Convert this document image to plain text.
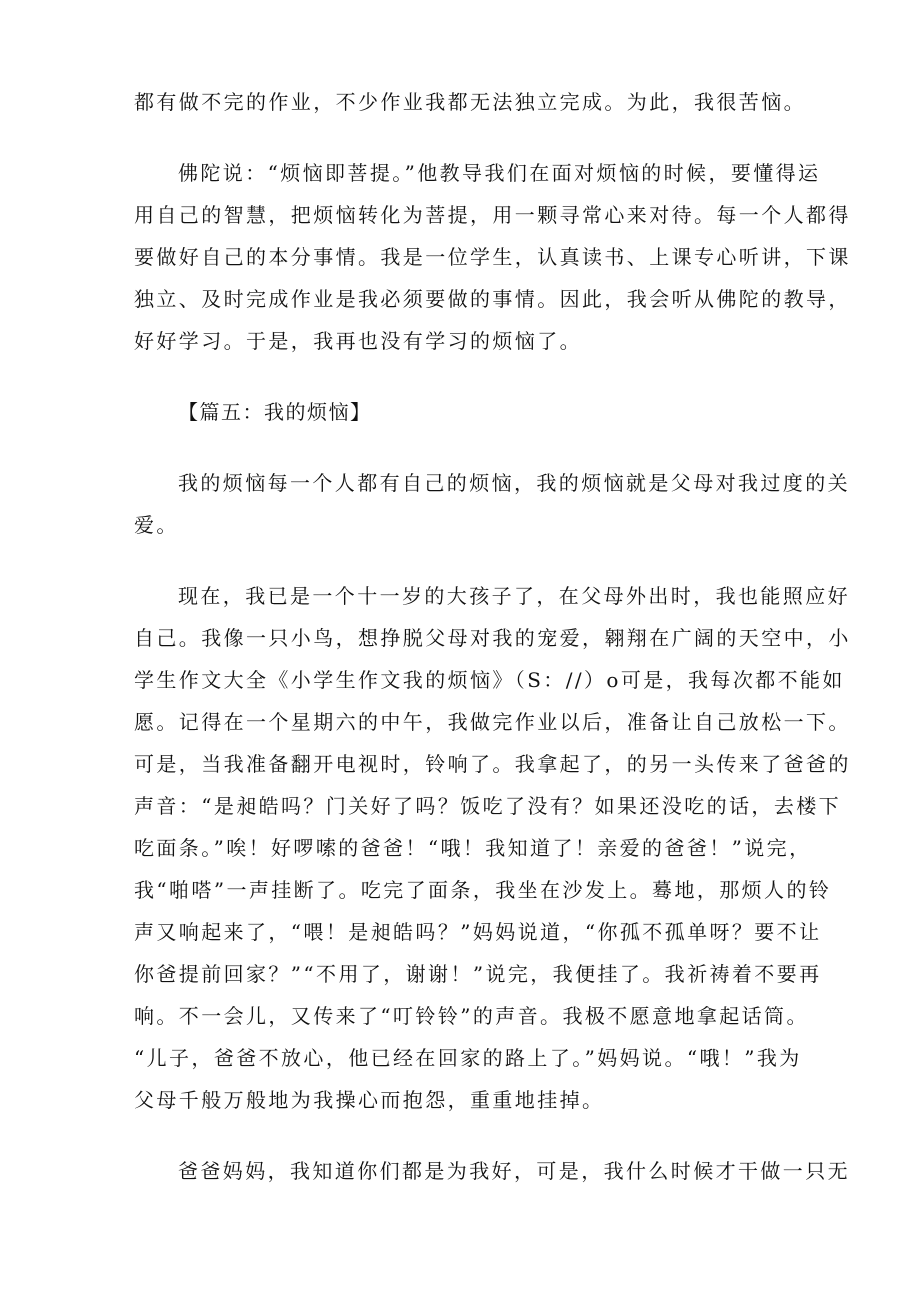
都有做不完的作业，不少作业我都无法独立完成。为此，我很苦恼。
佛陀说：“烦恼即菩提。”他教导我们在面对烦恼的时候，要懂得运
用自己的智慧，把烦恼转化为菩提，用一颗寻常心来对待。每一个人都得
要做好自己的本分事情。我是一位学生，认真读书、上课专心听讲，下课
独立、及时完成作业是我必须要做的事情。因此，我会听从佛陀的教导，
好好学习。于是，我再也没有学习的烦恼了。
【篇五：我的烦恼】
我的烦恼每一个人都有自己的烦恼，我的烦恼就是父母对我过度的关
爱。
现在，我已是一个十一岁的大孩子了，在父母外出时，我也能照应好
自己。我像一只小鸟，想挣脱父母对我的宠爱，翱翔在广阔的天空中，小
学生作文大全《小学生作文我的烦恼》（S：//）o可是，我每次都不能如
愿。记得在一个星期六的中午，我做完作业以后，准备让自己放松一下。
可是，当我准备翻开电视时，铃响了。我拿起了，的另一头传来了爸爸的
声音：“是昶皓吗？门关好了吗？饭吃了没有？如果还没吃的话，去楼下
吃面条。”唉！好啰嗦的爸爸！“哦！我知道了！亲爱的爸爸！”说完，
我“啪嗒”一声挂断了。吃完了面条，我坐在沙发上。蓦地，那烦人的铃
声又响起来了，“喂！是昶皓吗？”妈妈说道，“你孤不孤单呀？要不让
你爸提前回家？”“不用了，谢谢！”说完，我便挂了。我祈祷着不要再
响。不一会儿，又传来了“叮铃铃”的声音。我极不愿意地拿起话筒。
“儿子，爸爸不放心，他已经在回家的路上了。”妈妈说。“哦！”我为
父母千般万般地为我操心而抱怨，重重地挂掉。
爸爸妈妈，我知道你们都是为我好，可是，我什么时候才干做一只无
